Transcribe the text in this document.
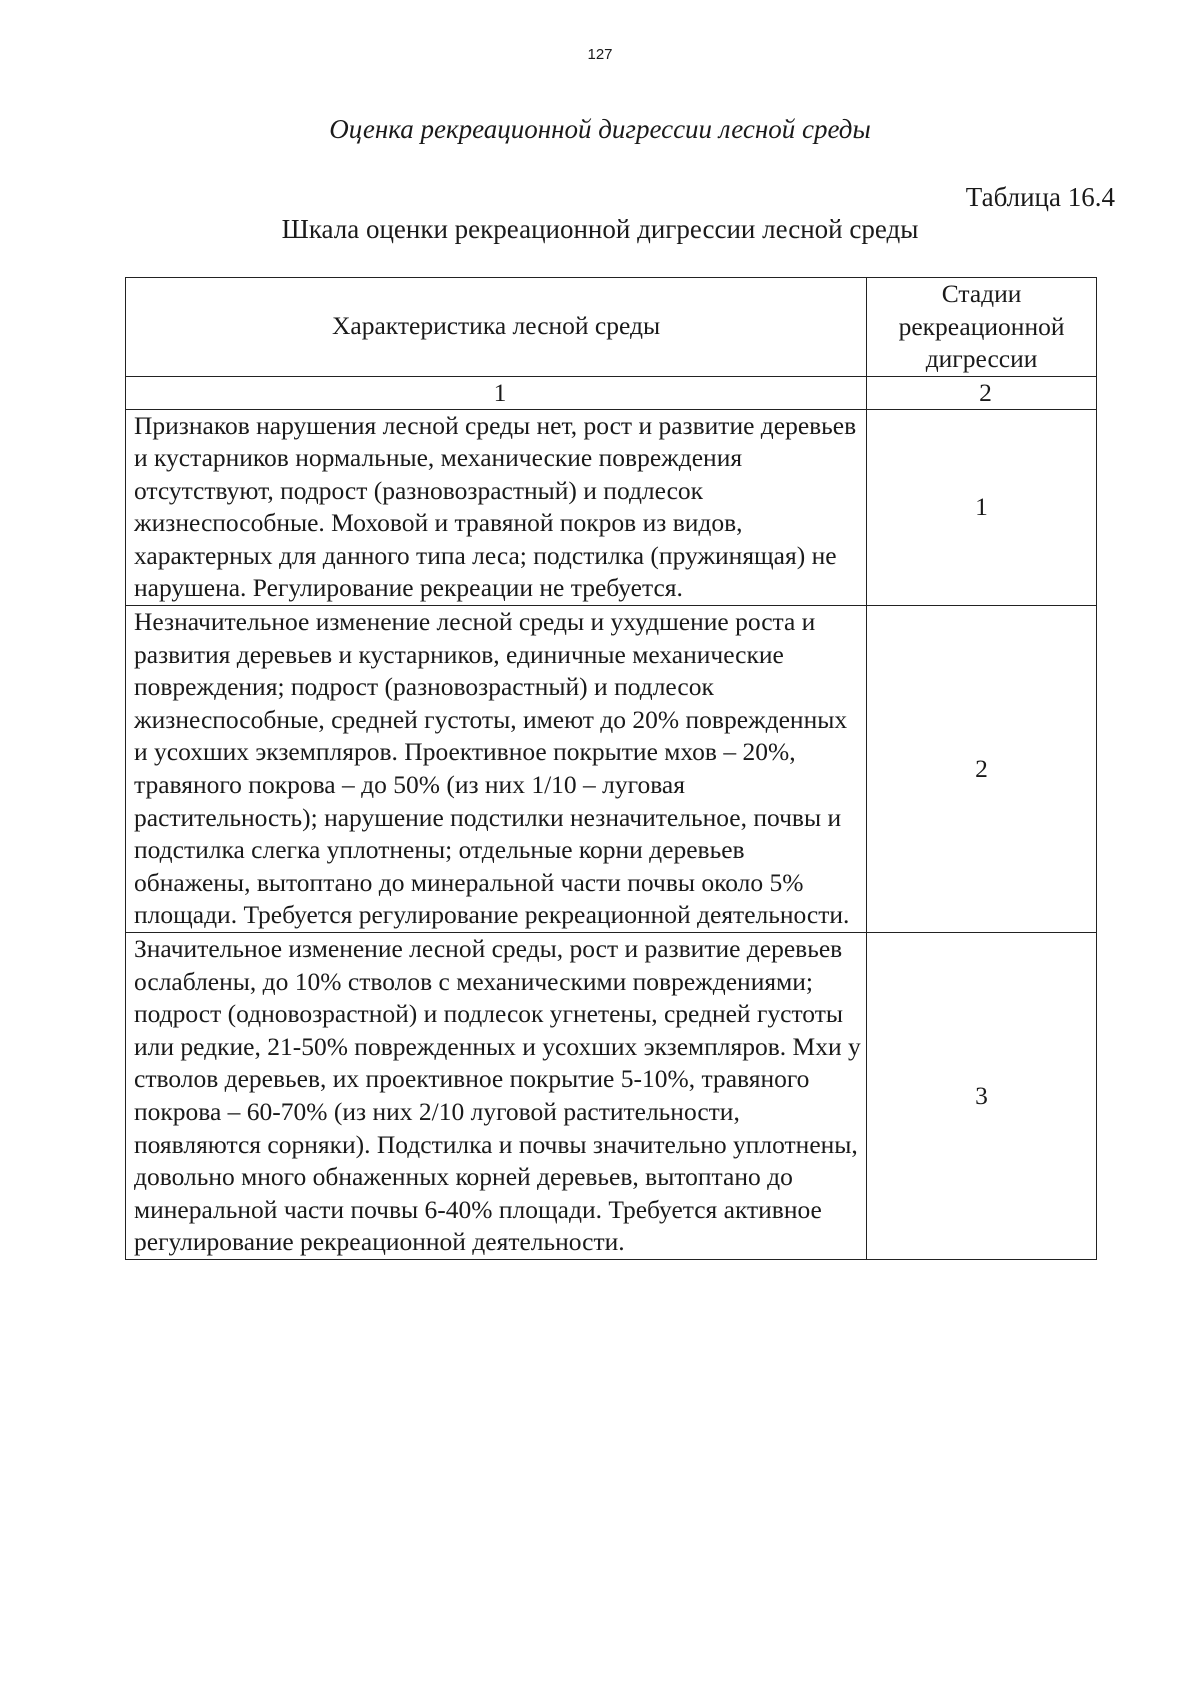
127
Оценка рекреационной дигрессии лесной среды
Таблица 16.4
Шкала оценки рекреационной дигрессии лесной среды
Характеристика лесной среды	Стадии
рекреационной
дигрессии

1	2
Признаков нарушения лесной среды нет, рост и развитие деревьев и кустарников нормальные, механические повреждения отсутствуют, подрост (разновозрастный) и подлесок жизнеспособные. Моховой и травяной покров из видов, характерных для данного типа леса; подстилка (пружинящая) не нарушена. Регулирование рекреации не требуется.	1
Незначительное изменение лесной среды и ухудшение роста и развития деревьев и кустарников, единичные механические повреждения; подрост (разновозрастный) и подлесок жизнеспособные, средней густоты, имеют до 20% поврежденных и усохших экземпляров. Проективное покрытие мхов – 20%, травяного покрова – до 50% (из них 1/10 – луговая растительность); нарушение подстилки незначительное, почвы и подстилка слегка уплотнены; отдельные корни деревьев обнажены, вытоптано до минеральной части почвы около 5% площади. Требуется регулирование рекреационной деятельности.	2
Значительное изменение лесной среды, рост и развитие деревьев ослаблены, до 10% стволов с механическими повреждениями; подрост (одновозрастной) и подлесок угнетены, средней густоты или редкие, 21-50% поврежденных и усохших экземпляров. Мхи у стволов деревьев, их проективное покрытие 5-10%, травяного покрова – 60-70% (из них 2/10 луговой растительности, появляются сорняки). Подстилка и почвы значительно уплотнены, довольно много обнаженных корней деревьев, вытоптано до минеральной части почвы 6-40% площади. Требуется активное регулирование рекреационной деятельности.	3
